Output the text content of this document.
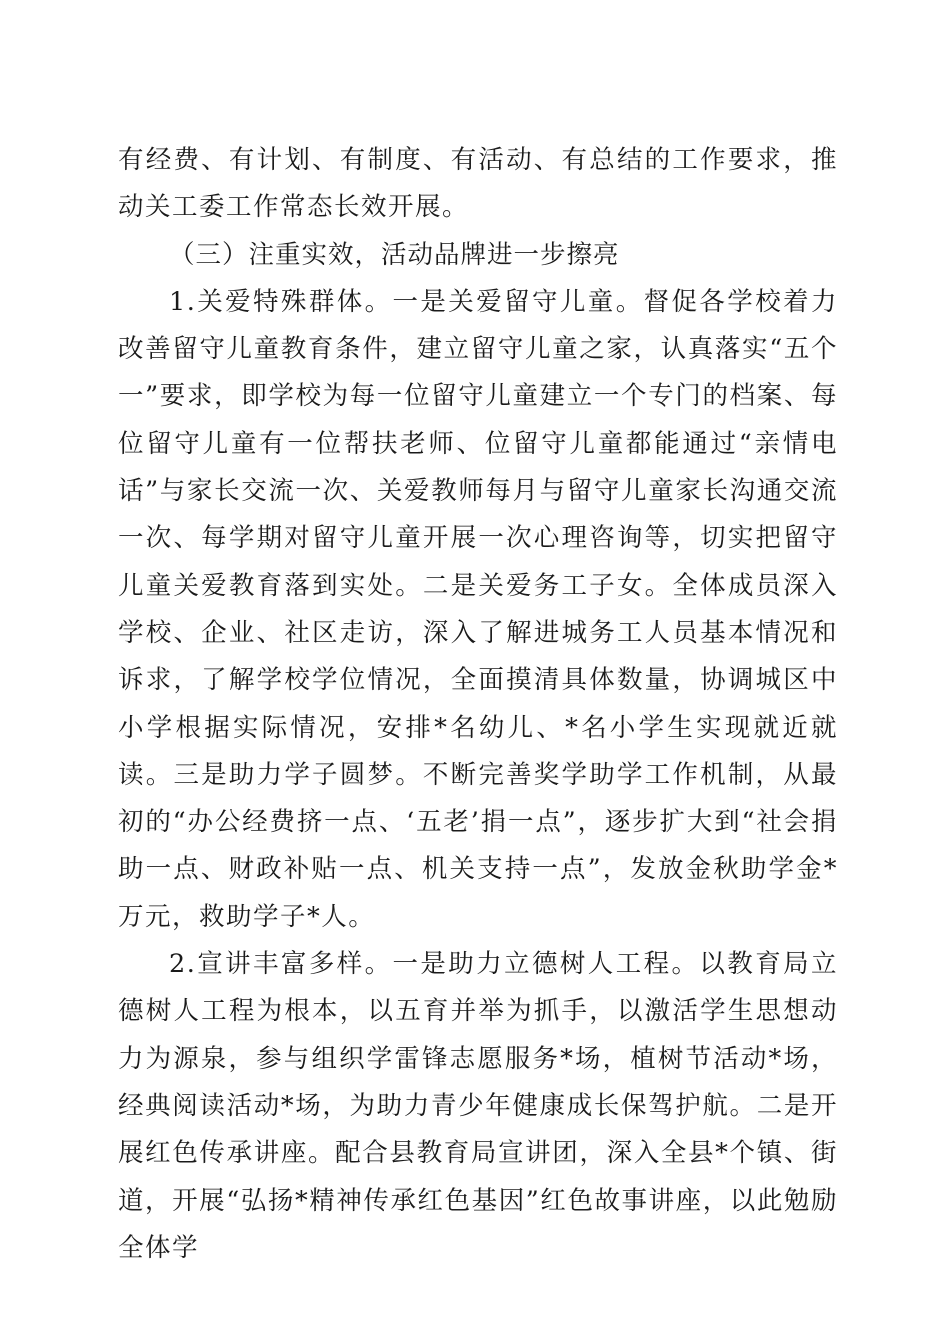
有经费、有计划、有制度、有活动、有总结的工作要求，推动关工委工作常态长效开展。

（三）注重实效，活动品牌进一步擦亮

1.关爱特殊群体。一是关爱留守儿童。督促各学校着力改善留守儿童教育条件，建立留守儿童之家，认真落实“五个一”要求，即学校为每一位留守儿童建立一个专门的档案、每位留守儿童有一位帮扶老师、位留守儿童都能通过“亲情电话”与家长交流一次、关爱教师每月与留守儿童家长沟通交流一次、每学期对留守儿童开展一次心理咨询等，切实把留守儿童关爱教育落到实处。二是关爱务工子女。全体成员深入学校、企业、社区走访，深入了解进城务工人员基本情况和诉求，了解学校学位情况，全面摸清具体数量，协调城区中小学根据实际情况，安排*名幼儿、*名小学生实现就近就读。三是助力学子圆梦。不断完善奖学助学工作机制，从最初的“办公经费挤一点、‘五老’捐一点”，逐步扩大到“社会捐助一点、财政补贴一点、机关支持一点”，发放金秋助学金*万元，救助学子*人。

2.宣讲丰富多样。一是助力立德树人工程。以教育局立德树人工程为根本，以五育并举为抓手，以激活学生思想动力为源泉，参与组织学雷锋志愿服务*场，植树节活动*场，经典阅读活动*场，为助力青少年健康成长保驾护航。二是开展红色传承讲座。配合县教育局宣讲团，深入全县*个镇、街道，开展“弘扬*精神传承红色基因”红色故事讲座，以此勉励全体学
